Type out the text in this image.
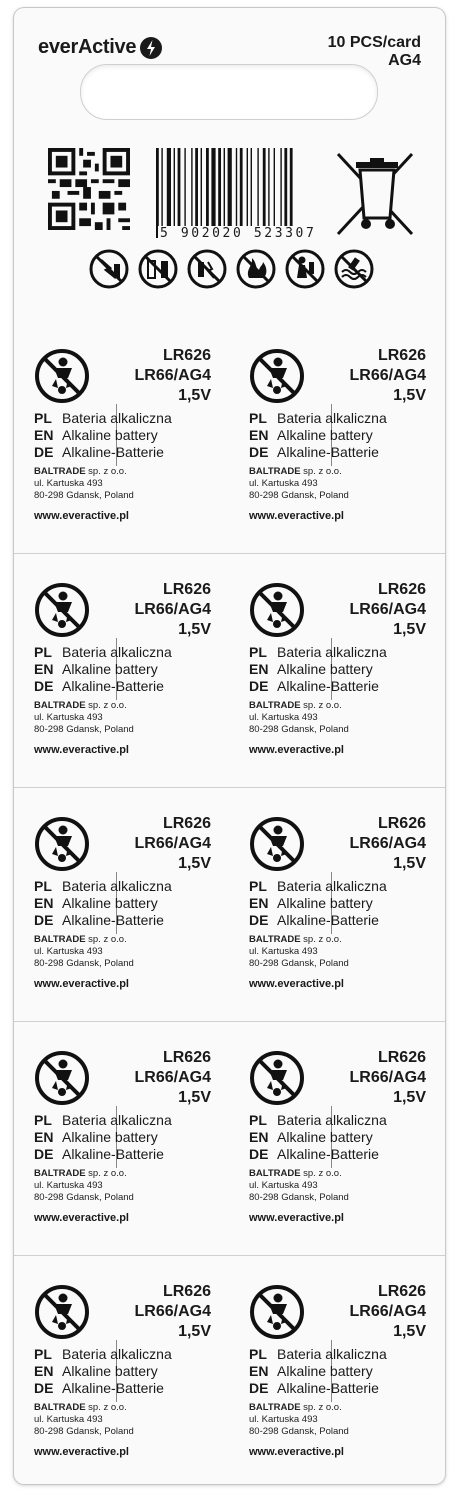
everActive	10 PCS/card
AG4
5 902020 523307
LR626
LR66/AG4
1,5V
PL Bateria alkaliczna
EN Alkaline battery
DE Alkaline-Batterie
BALTRADE sp. z o.o.
ul. Kartuska 493
80-298 Gdansk, Poland
www.everactive.pl
LR626
LR66/AG4
1,5V
PL Bateria alkaliczna
EN Alkaline battery
DE Alkaline-Batterie
BALTRADE sp. z o.o.
ul. Kartuska 493
80-298 Gdansk, Poland
www.everactive.pl
LR626
LR66/AG4
1,5V
PL Bateria alkaliczna
EN Alkaline battery
DE Alkaline-Batterie
BALTRADE sp. z o.o.
ul. Kartuska 493
80-298 Gdansk, Poland
www.everactive.pl
LR626
LR66/AG4
1,5V
PL Bateria alkaliczna
EN Alkaline battery
DE Alkaline-Batterie
BALTRADE sp. z o.o.
ul. Kartuska 493
80-298 Gdansk, Poland
www.everactive.pl
LR626
LR66/AG4
1,5V
PL Bateria alkaliczna
EN Alkaline battery
DE Alkaline-Batterie
BALTRADE sp. z o.o.
ul. Kartuska 493
80-298 Gdansk, Poland
www.everactive.pl
LR626
LR66/AG4
1,5V
PL Bateria alkaliczna
EN Alkaline battery
DE Alkaline-Batterie
BALTRADE sp. z o.o.
ul. Kartuska 493
80-298 Gdansk, Poland
www.everactive.pl
LR626
LR66/AG4
1,5V
PL Bateria alkaliczna
EN Alkaline battery
DE Alkaline-Batterie
BALTRADE sp. z o.o.
ul. Kartuska 493
80-298 Gdansk, Poland
www.everactive.pl
LR626
LR66/AG4
1,5V
PL Bateria alkaliczna
EN Alkaline battery
DE Alkaline-Batterie
BALTRADE sp. z o.o.
ul. Kartuska 493
80-298 Gdansk, Poland
www.everactive.pl
LR626
LR66/AG4
1,5V
PL Bateria alkaliczna
EN Alkaline battery
DE Alkaline-Batterie
BALTRADE sp. z o.o.
ul. Kartuska 493
80-298 Gdansk, Poland
www.everactive.pl
LR626
LR66/AG4
1,5V
PL Bateria alkaliczna
EN Alkaline battery
DE Alkaline-Batterie
BALTRADE sp. z o.o.
ul. Kartuska 493
80-298 Gdansk, Poland
www.everactive.pl
